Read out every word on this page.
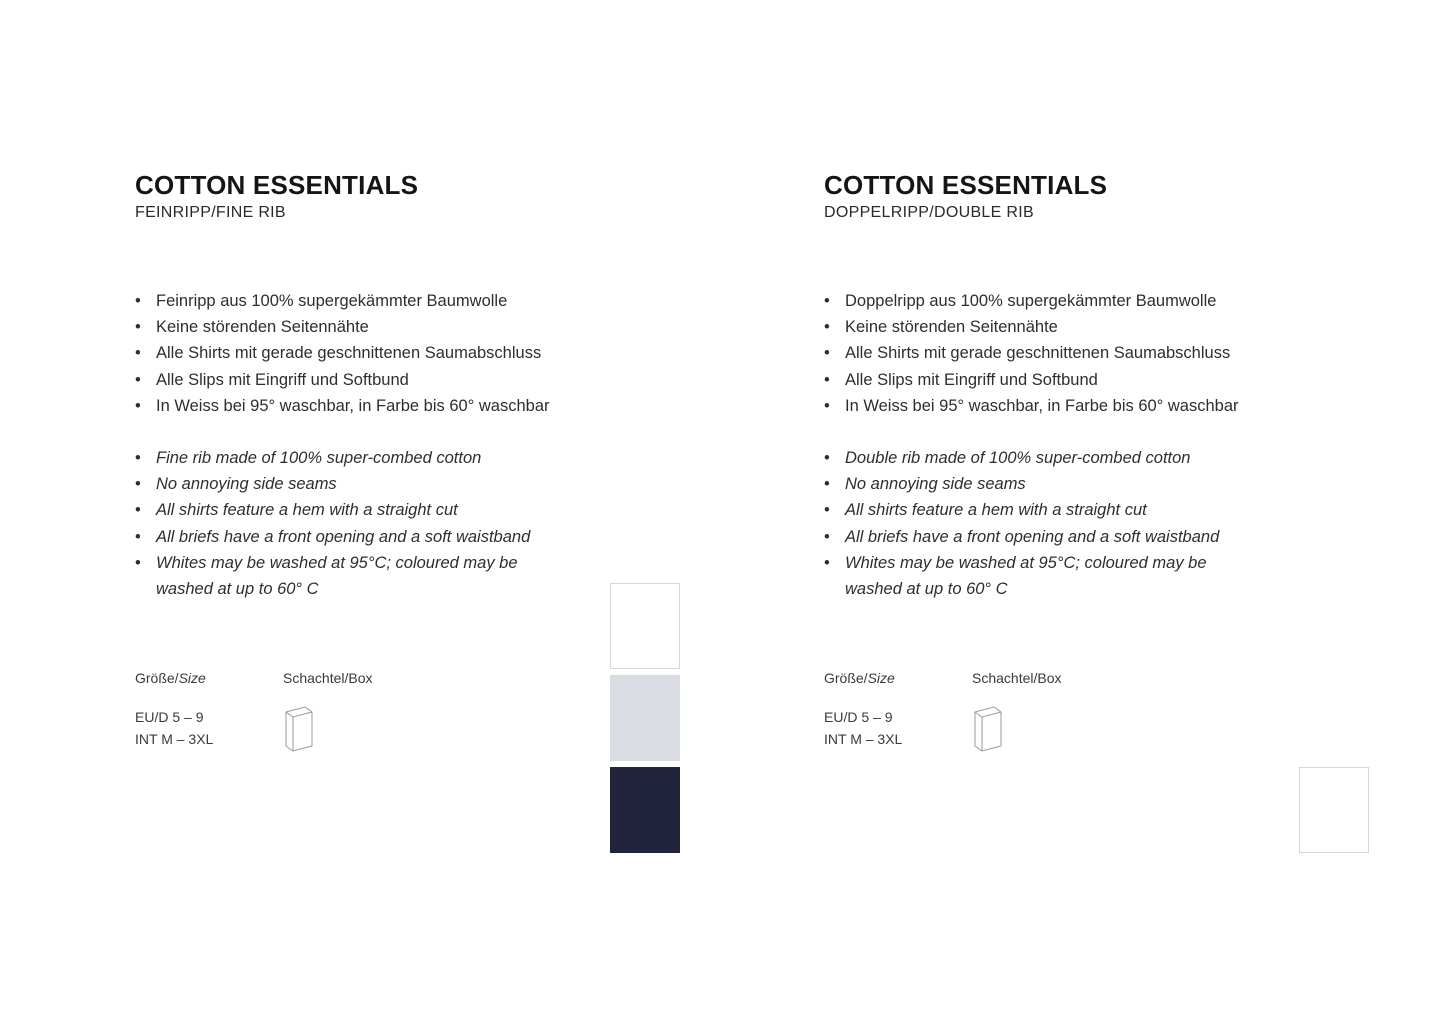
COTTON ESSENTIALS
FEINRIPP/FINE RIB
• Feinripp aus 100% supergekämmter Baumwolle
• Keine störenden Seitennähte
• Alle Shirts mit gerade geschnittenen Saumabschluss
• Alle Slips mit Eingriff und Softbund
• In Weiss bei 95° waschbar, in Farbe bis 60° waschbar
• Fine rib made of 100% super-combed cotton
• No annoying side seams
• All shirts feature a hem with a straight cut
• All briefs have a front opening and a soft waistband
• Whites may be washed at 95°C; coloured may be washed at up to 60° C
Größe/Size
EU/D 5 – 9
INT M – 3XL
Schachtel/Box
COTTON ESSENTIALS
DOPPELRIPP/DOUBLE RIB
• Doppelripp aus 100% supergekämmter Baumwolle
• Keine störenden Seitennähte
• Alle Shirts mit gerade geschnittenen Saumabschluss
• Alle Slips mit Eingriff und Softbund
• In Weiss bei 95° waschbar, in Farbe bis 60° waschbar
• Double rib made of 100% super-combed cotton
• No annoying side seams
• All shirts feature a hem with a straight cut
• All briefs have a front opening and a soft waistband
• Whites may be washed at 95°C; coloured may be washed at up to 60° C
Größe/Size
EU/D 5 – 9
INT M – 3XL
Schachtel/Box
